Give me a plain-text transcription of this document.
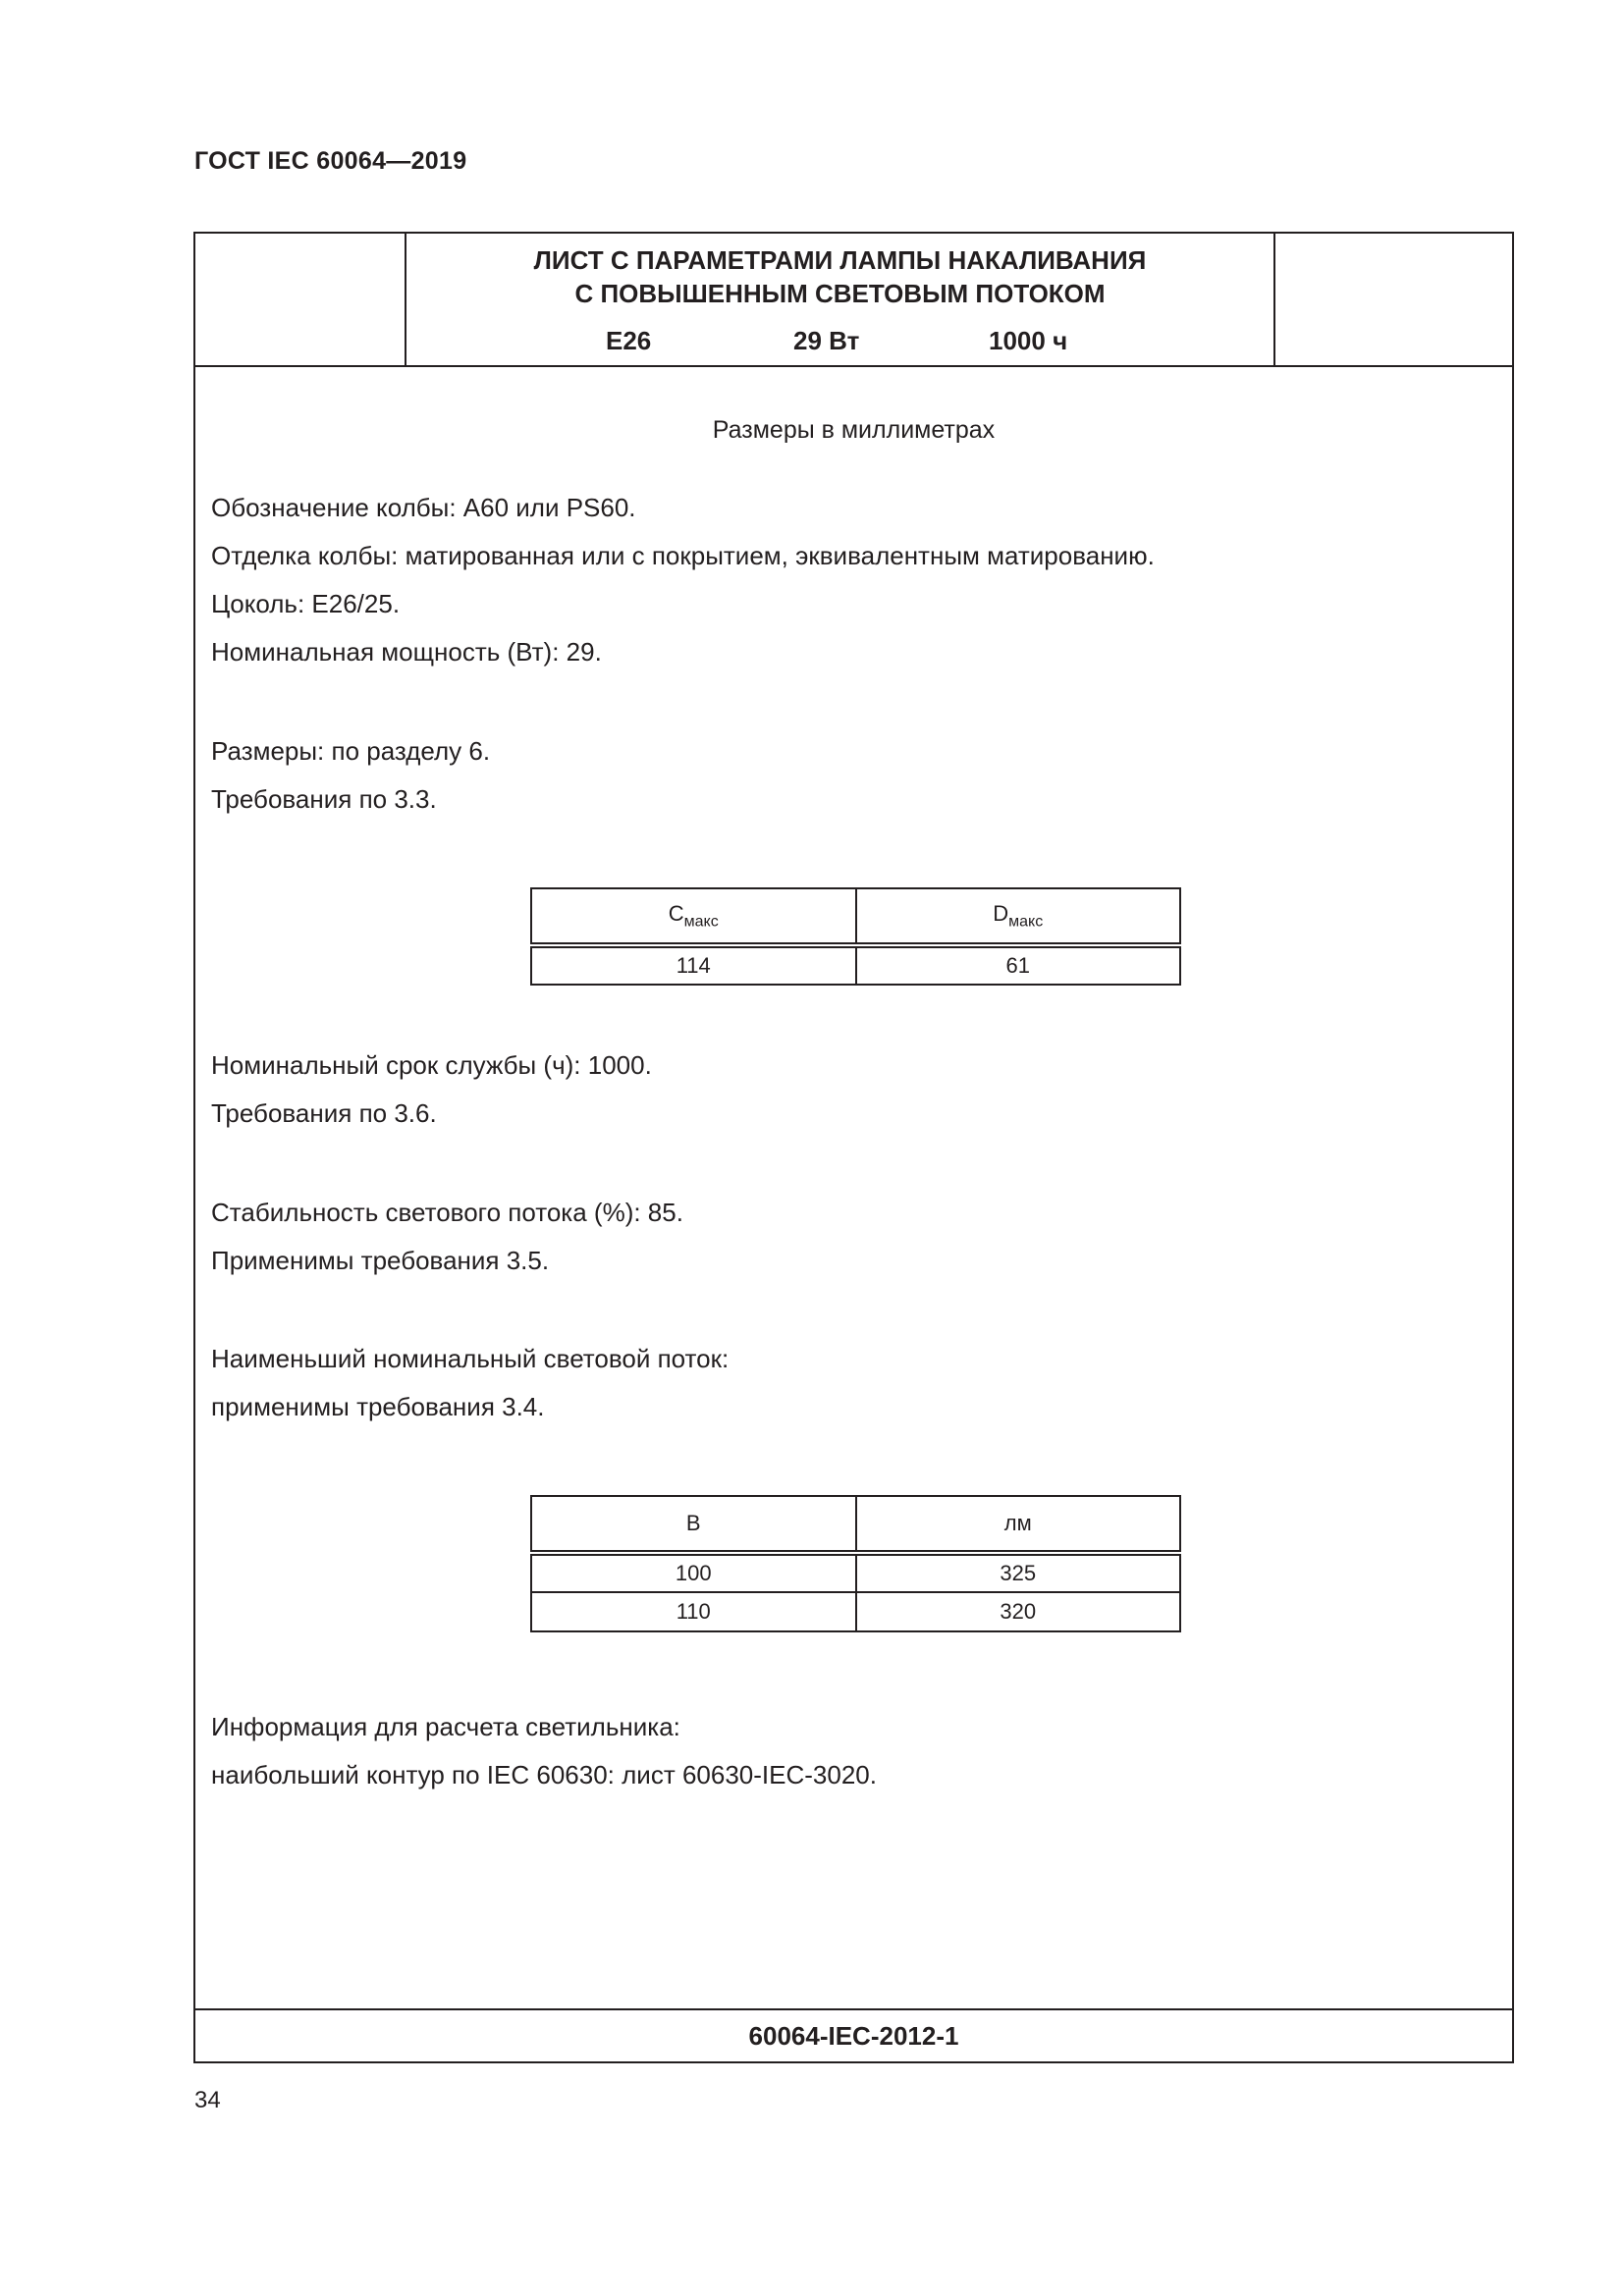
ГОСТ IEC 60064—2019
ЛИСТ С ПАРАМЕТРАМИ ЛАМПЫ НАКАЛИВАНИЯ
С ПОВЫШЕННЫМ СВЕТОВЫМ ПОТОКОМ
E26	29 Вт	1000 ч
Размеры в миллиметрах
Обозначение колбы: A60 или PS60.
Отделка колбы: матированная или с покрытием, эквивалентным матированию.
Цоколь: E26/25.
Номинальная мощность (Вт): 29.
Размеры: по разделу 6.
Требования по 3.3.
$C_{макс}$	$D_{макс}$
114	61
Номинальный срок службы (ч): 1000.
Требования по 3.6.
Стабильность светового потока (%): 85.
Применимы требования 3.5.
Наименьший номинальный световой поток:
применимы требования 3.4.
В	лм
100	325
110	320
Информация для расчета светильника:
наибольший контур по IEC 60630: лист 60630-IEC-3020.
60064-IEC-2012-1
34
